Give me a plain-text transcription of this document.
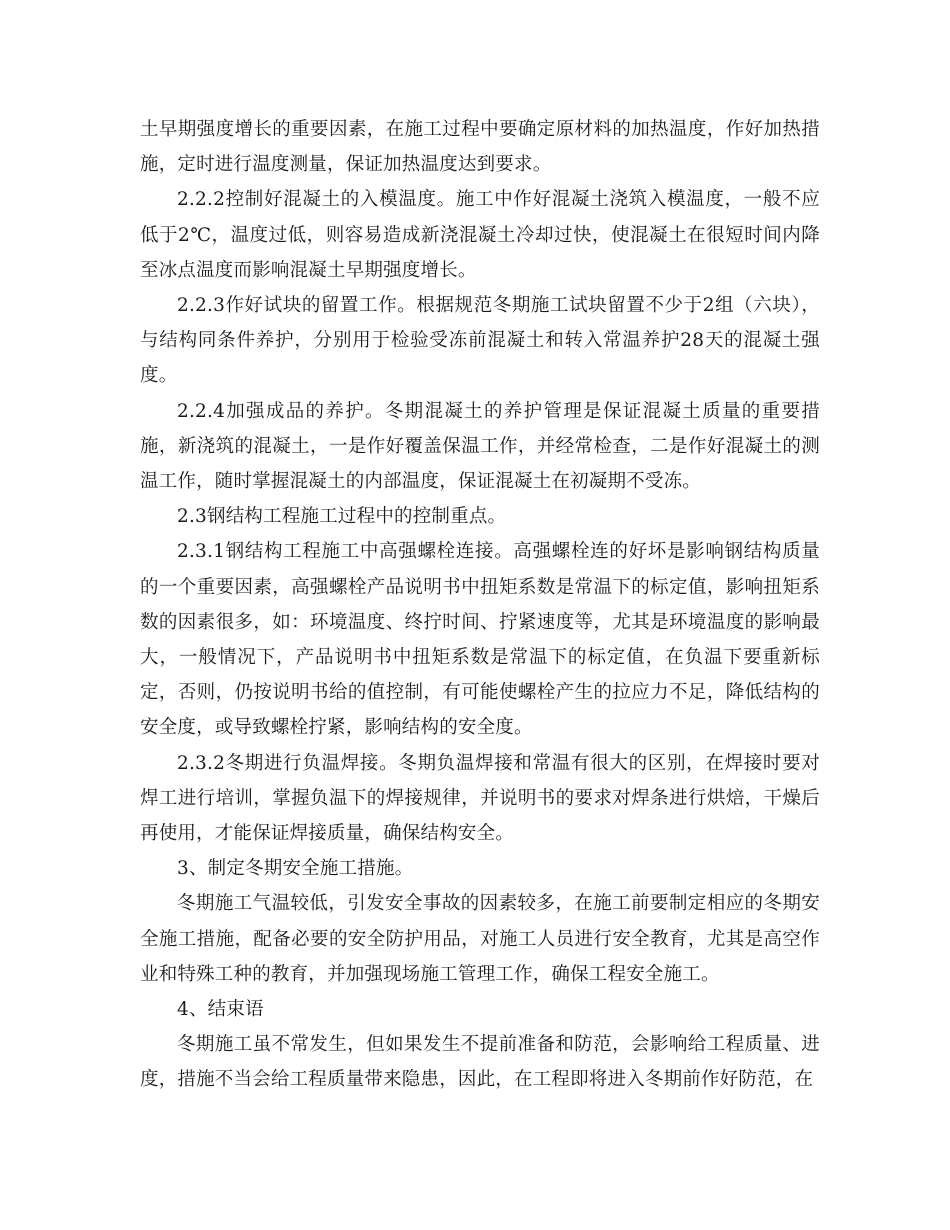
土早期强度增长的重要因素，在施工过程中要确定原材料的加热温度，作好加热措施，定时进行温度测量，保证加热温度达到要求。

2.2.2控制好混凝土的入模温度。施工中作好混凝土浇筑入模温度，一般不应低于2℃，温度过低，则容易造成新浇混凝土冷却过快，使混凝土在很短时间内降至冰点温度而影响混凝土早期强度增长。

2.2.3作好试块的留置工作。根据规范冬期施工试块留置不少于2组（六块），与结构同条件养护，分别用于检验受冻前混凝土和转入常温养护28天的混凝土强度。

2.2.4加强成品的养护。冬期混凝土的养护管理是保证混凝土质量的重要措施，新浇筑的混凝土，一是作好覆盖保温工作，并经常检查，二是作好混凝土的测温工作，随时掌握混凝土的内部温度，保证混凝土在初凝期不受冻。

2.3钢结构工程施工过程中的控制重点。

2.3.1钢结构工程施工中高强螺栓连接。高强螺栓连的好坏是影响钢结构质量的一个重要因素，高强螺栓产品说明书中扭矩系数是常温下的标定值，影响扭矩系数的因素很多，如：环境温度、终拧时间、拧紧速度等，尤其是环境温度的影响最大，一般情况下，产品说明书中扭矩系数是常温下的标定值，在负温下要重新标定，否则，仍按说明书给的值控制，有可能使螺栓产生的拉应力不足，降低结构的安全度，或导致螺栓拧紧，影响结构的安全度。

2.3.2冬期进行负温焊接。冬期负温焊接和常温有很大的区别，在焊接时要对焊工进行培训，掌握负温下的焊接规律，并说明书的要求对焊条进行烘焙，干燥后再使用，才能保证焊接质量，确保结构安全。

3、制定冬期安全施工措施。

冬期施工气温较低，引发安全事故的因素较多，在施工前要制定相应的冬期安全施工措施，配备必要的安全防护用品，对施工人员进行安全教育，尤其是高空作业和特殊工种的教育，并加强现场施工管理工作，确保工程安全施工。

4、结束语

冬期施工虽不常发生，但如果发生不提前准备和防范，会影响给工程质量、进度，措施不当会给工程质量带来隐患，因此，在工程即将进入冬期前作好防范，在
